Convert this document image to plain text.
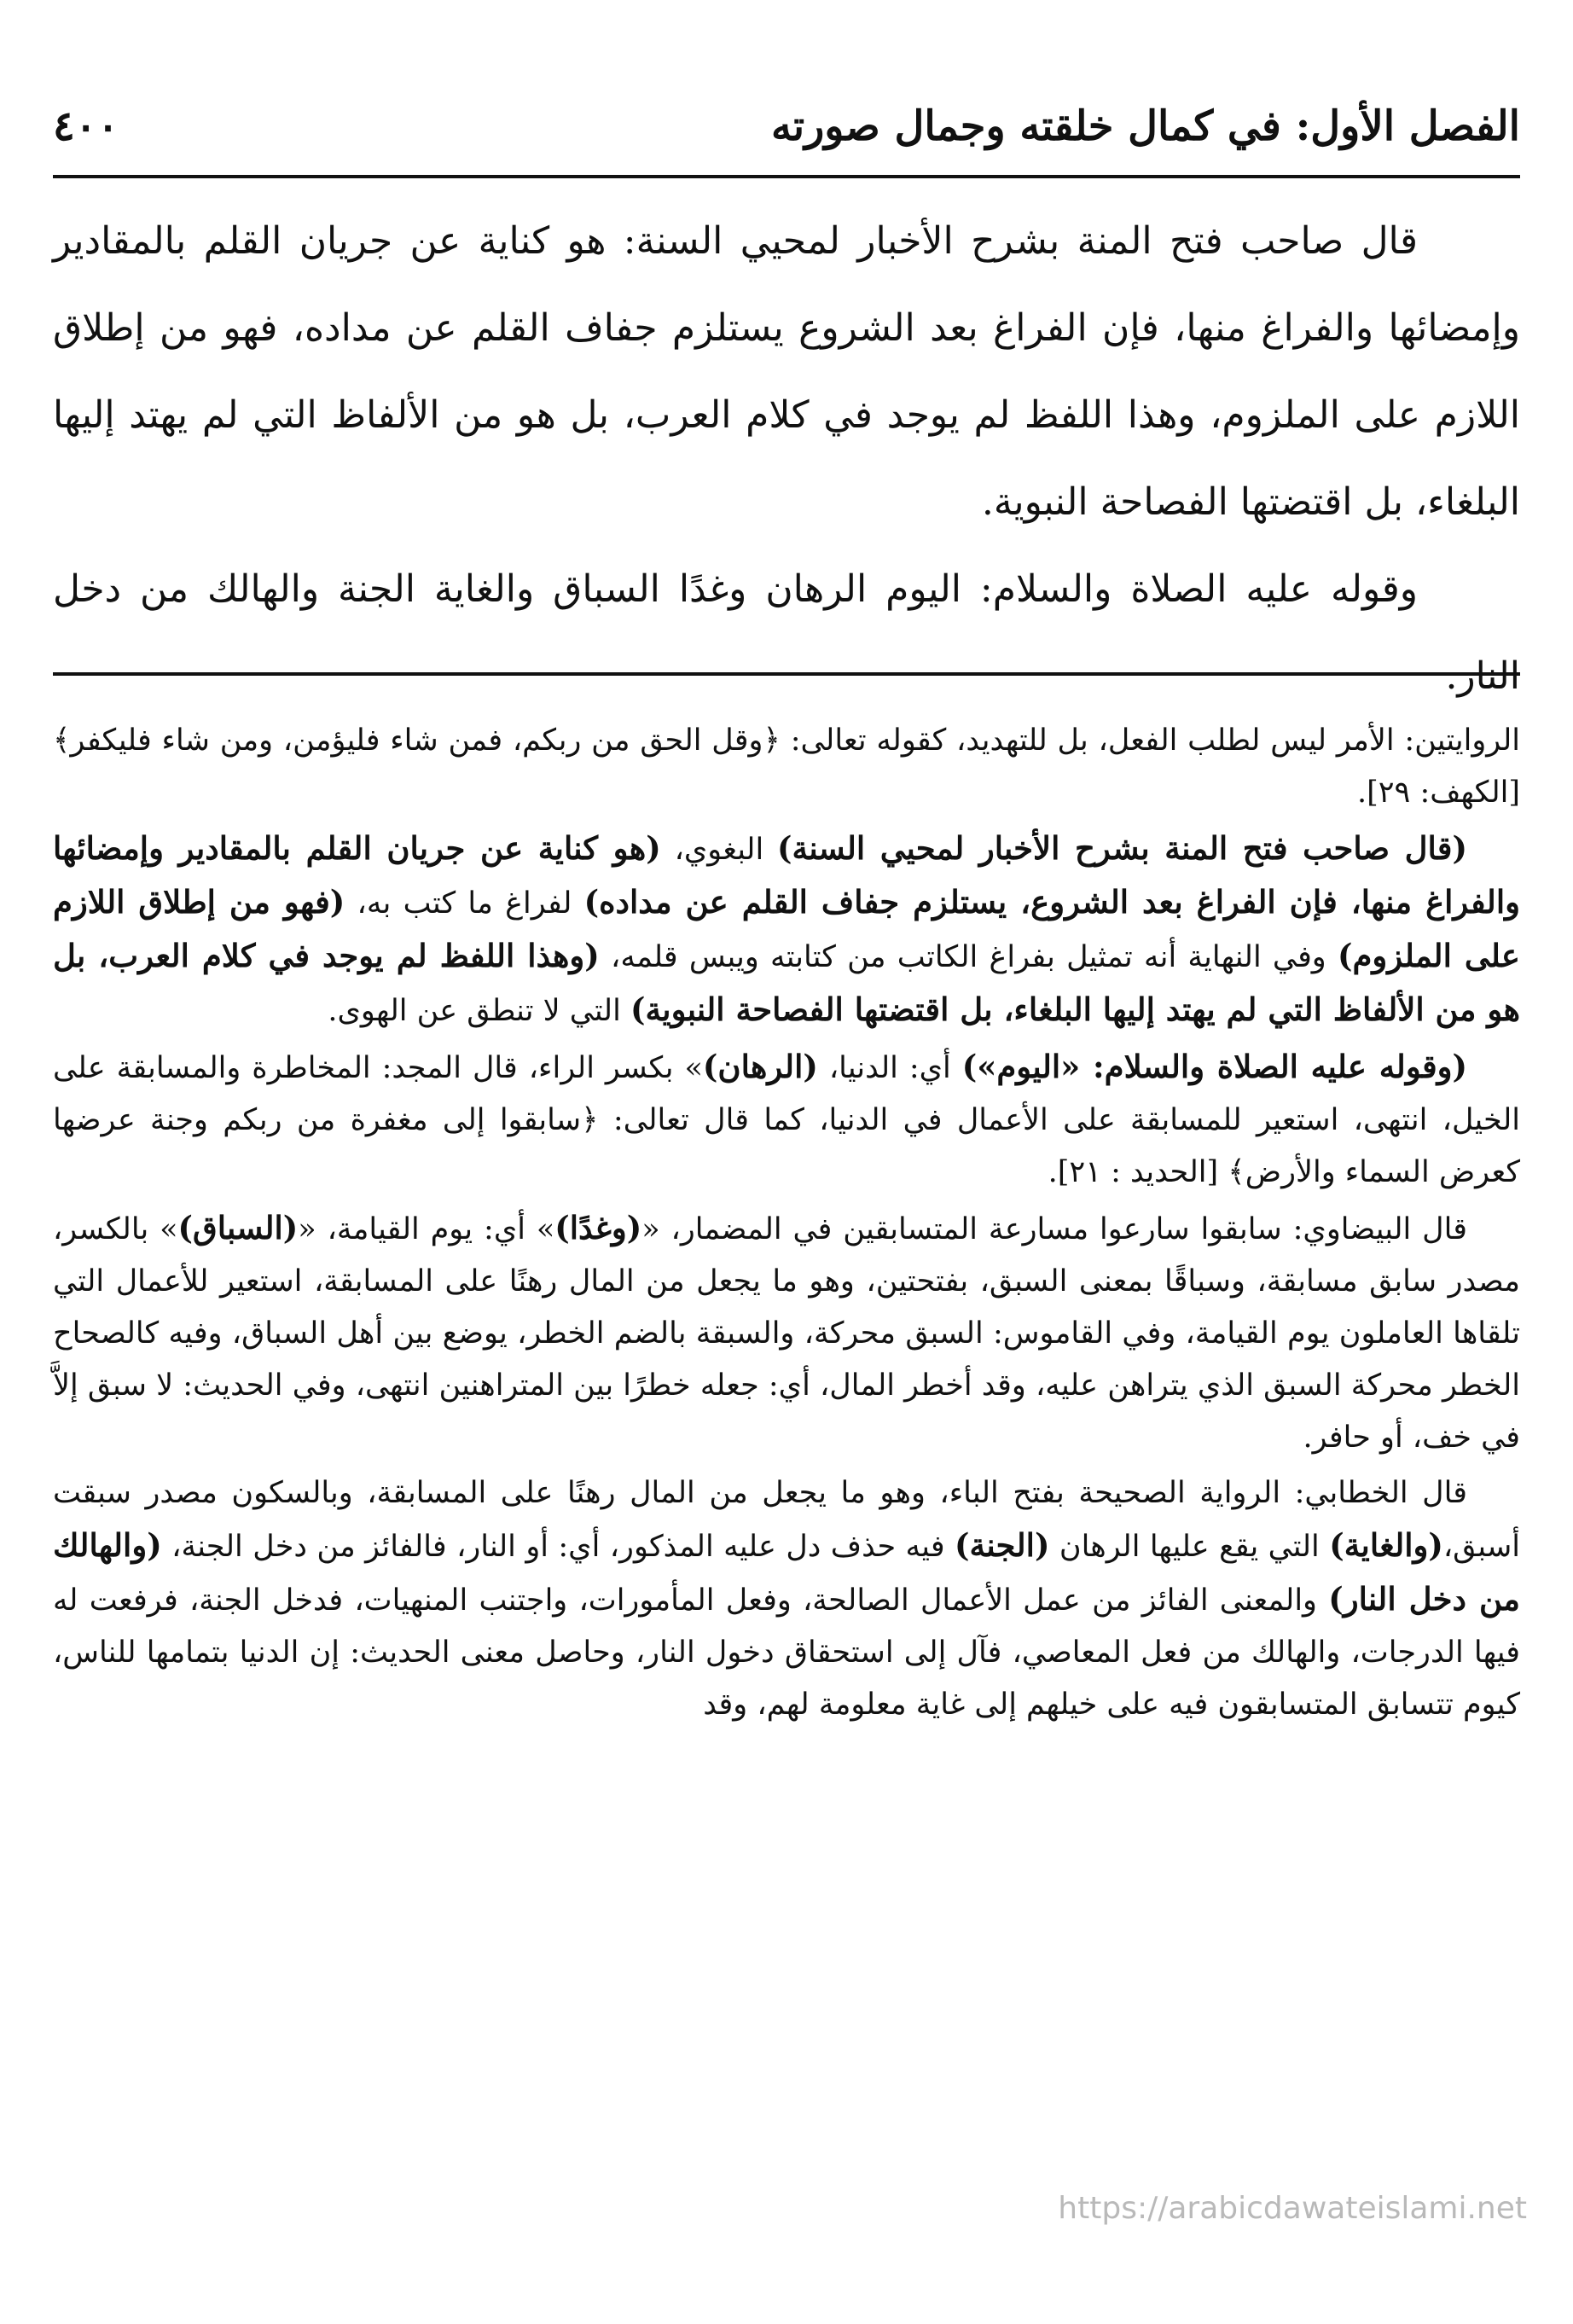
الفصل الأول: في كمال خلقته وجمال صورته
٤٠٠

قال صاحب فتح المنة بشرح الأخبار لمحيي السنة: هو كناية عن جريان القلم بالمقادير وإمضائها والفراغ منها، فإن الفراغ بعد الشروع يستلزم جفاف القلم عن مداده، فهو من إطلاق اللازم على الملزوم، وهذا اللفظ لم يوجد في كلام العرب، بل هو من الألفاظ التي لم يهتد إليها البلغاء، بل اقتضتها الفصاحة النبوية.

وقوله عليه الصلاة والسلام: اليوم الرهان وغدًا السباق والغاية الجنة والهالك من دخل النار.

الروايتين: الأمر ليس لطلب الفعل، بل للتهديد، كقوله تعالى: ﴿وقل الحق من ربكم، فمن شاء فليؤمن، ومن شاء فليكفر﴾ [الكهف: ٢٩].

(قال صاحب فتح المنة بشرح الأخبار لمحيي السنة) البغوي، (هو كناية عن جريان القلم بالمقادير وإمضائها والفراغ منها، فإن الفراغ بعد الشروع، يستلزم جفاف القلم عن مداده) لفراغ ما كتب به، (فهو من إطلاق اللازم على الملزوم) وفي النهاية أنه تمثيل بفراغ الكاتب من كتابته ويبس قلمه، (وهذا اللفظ لم يوجد في كلام العرب، بل هو من الألفاظ التي لم يهتد إليها البلغاء، بل اقتضتها الفصاحة النبوية) التي لا تنطق عن الهوى.

(وقوله عليه الصلاة والسلام: «اليوم») أي: الدنيا، (الرهان)» بكسر الراء، قال المجد: المخاطرة والمسابقة على الخيل، انتهى، استعير للمسابقة على الأعمال في الدنيا، كما قال تعالى: ﴿سابقوا إلى مغفرة من ربكم وجنة عرضها كعرض السماء والأرض﴾ [الحديد : ٢١].

قال البيضاوي: سابقوا سارعوا مسارعة المتسابقين في المضمار، «(وغدًا)» أي: يوم القيامة، «(السباق)» بالكسر، مصدر سابق مسابقة، وسباقًا بمعنى السبق، بفتحتين، وهو ما يجعل من المال رهنًا على المسابقة، استعير للأعمال التي تلقاها العاملون يوم القيامة، وفي القاموس: السبق محركة، والسبقة بالضم الخطر، يوضع بين أهل السباق، وفيه كالصحاح الخطر محركة السبق الذي يتراهن عليه، وقد أخطر المال، أي: جعله خطرًا بين المتراهنين انتهى، وفي الحديث: لا سبق إلاَّ في خف، أو حافر.

قال الخطابي: الرواية الصحيحة بفتح الباء، وهو ما يجعل من المال رهنًا على المسابقة، وبالسكون مصدر سبقت أسبق،(والغاية) التي يقع عليها الرهان (الجنة) فيه حذف دل عليه المذكور، أي: أو النار، فالفائز من دخل الجنة، (والهالك من دخل النار) والمعنى الفائز من عمل الأعمال الصالحة، وفعل المأمورات، واجتنب المنهيات، فدخل الجنة، فرفعت له فيها الدرجات، والهالك من فعل المعاصي، فآل إلى استحقاق دخول النار، وحاصل معنى الحديث: إن الدنيا بتمامها للناس، كيوم تتسابق المتسابقون فيه على خيلهم إلى غاية معلومة لهم، وقد

https://arabicdawateislami.net
